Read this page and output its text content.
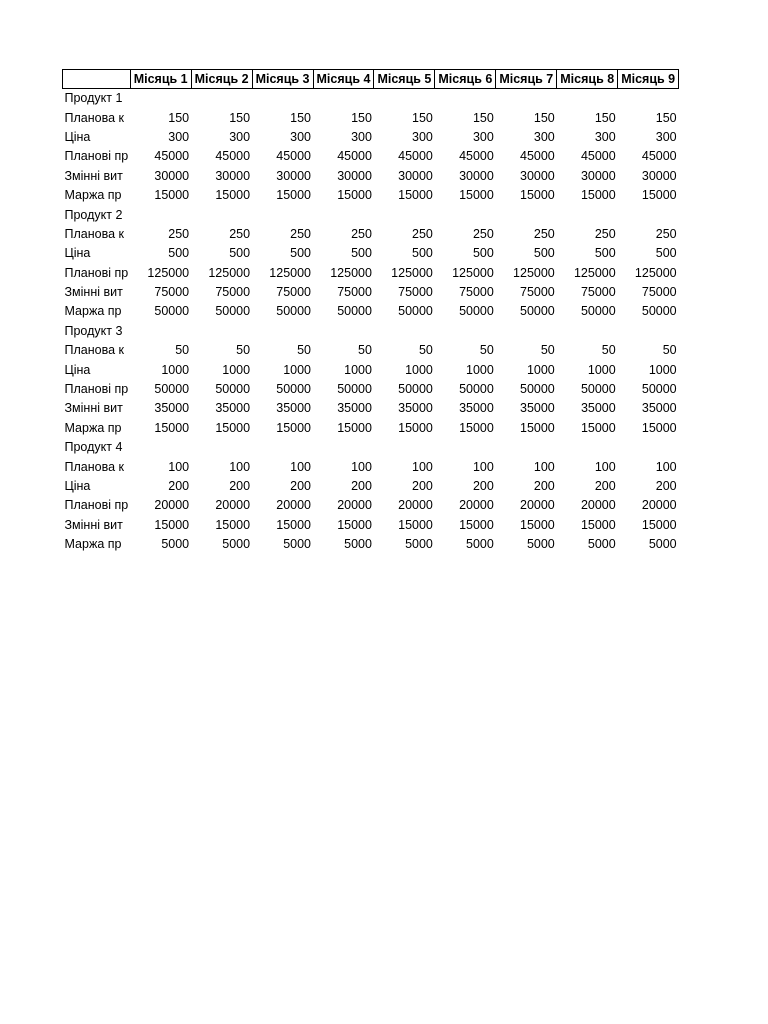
	Місяць 1	Місяць 2	Місяць 3	Місяць 4	Місяць 5	Місяць 6	Місяць 7	Місяць 8	Місяць 9
Продукт 1									
Планова к	150	150	150	150	150	150	150	150	150
Ціна	300	300	300	300	300	300	300	300	300
Планові пр	45000	45000	45000	45000	45000	45000	45000	45000	45000
Змінні вит	30000	30000	30000	30000	30000	30000	30000	30000	30000
Маржа пр	15000	15000	15000	15000	15000	15000	15000	15000	15000
Продукт 2									
Планова к	250	250	250	250	250	250	250	250	250
Ціна	500	500	500	500	500	500	500	500	500
Планові пр	125000	125000	125000	125000	125000	125000	125000	125000	125000
Змінні вит	75000	75000	75000	75000	75000	75000	75000	75000	75000
Маржа пр	50000	50000	50000	50000	50000	50000	50000	50000	50000
Продукт 3									
Планова к	50	50	50	50	50	50	50	50	50
Ціна	1000	1000	1000	1000	1000	1000	1000	1000	1000
Планові пр	50000	50000	50000	50000	50000	50000	50000	50000	50000
Змінні вит	35000	35000	35000	35000	35000	35000	35000	35000	35000
Маржа пр	15000	15000	15000	15000	15000	15000	15000	15000	15000
Продукт 4									
Планова к	100	100	100	100	100	100	100	100	100
Ціна	200	200	200	200	200	200	200	200	200
Планові пр	20000	20000	20000	20000	20000	20000	20000	20000	20000
Змінні вит	15000	15000	15000	15000	15000	15000	15000	15000	15000
Маржа пр	5000	5000	5000	5000	5000	5000	5000	5000	5000
